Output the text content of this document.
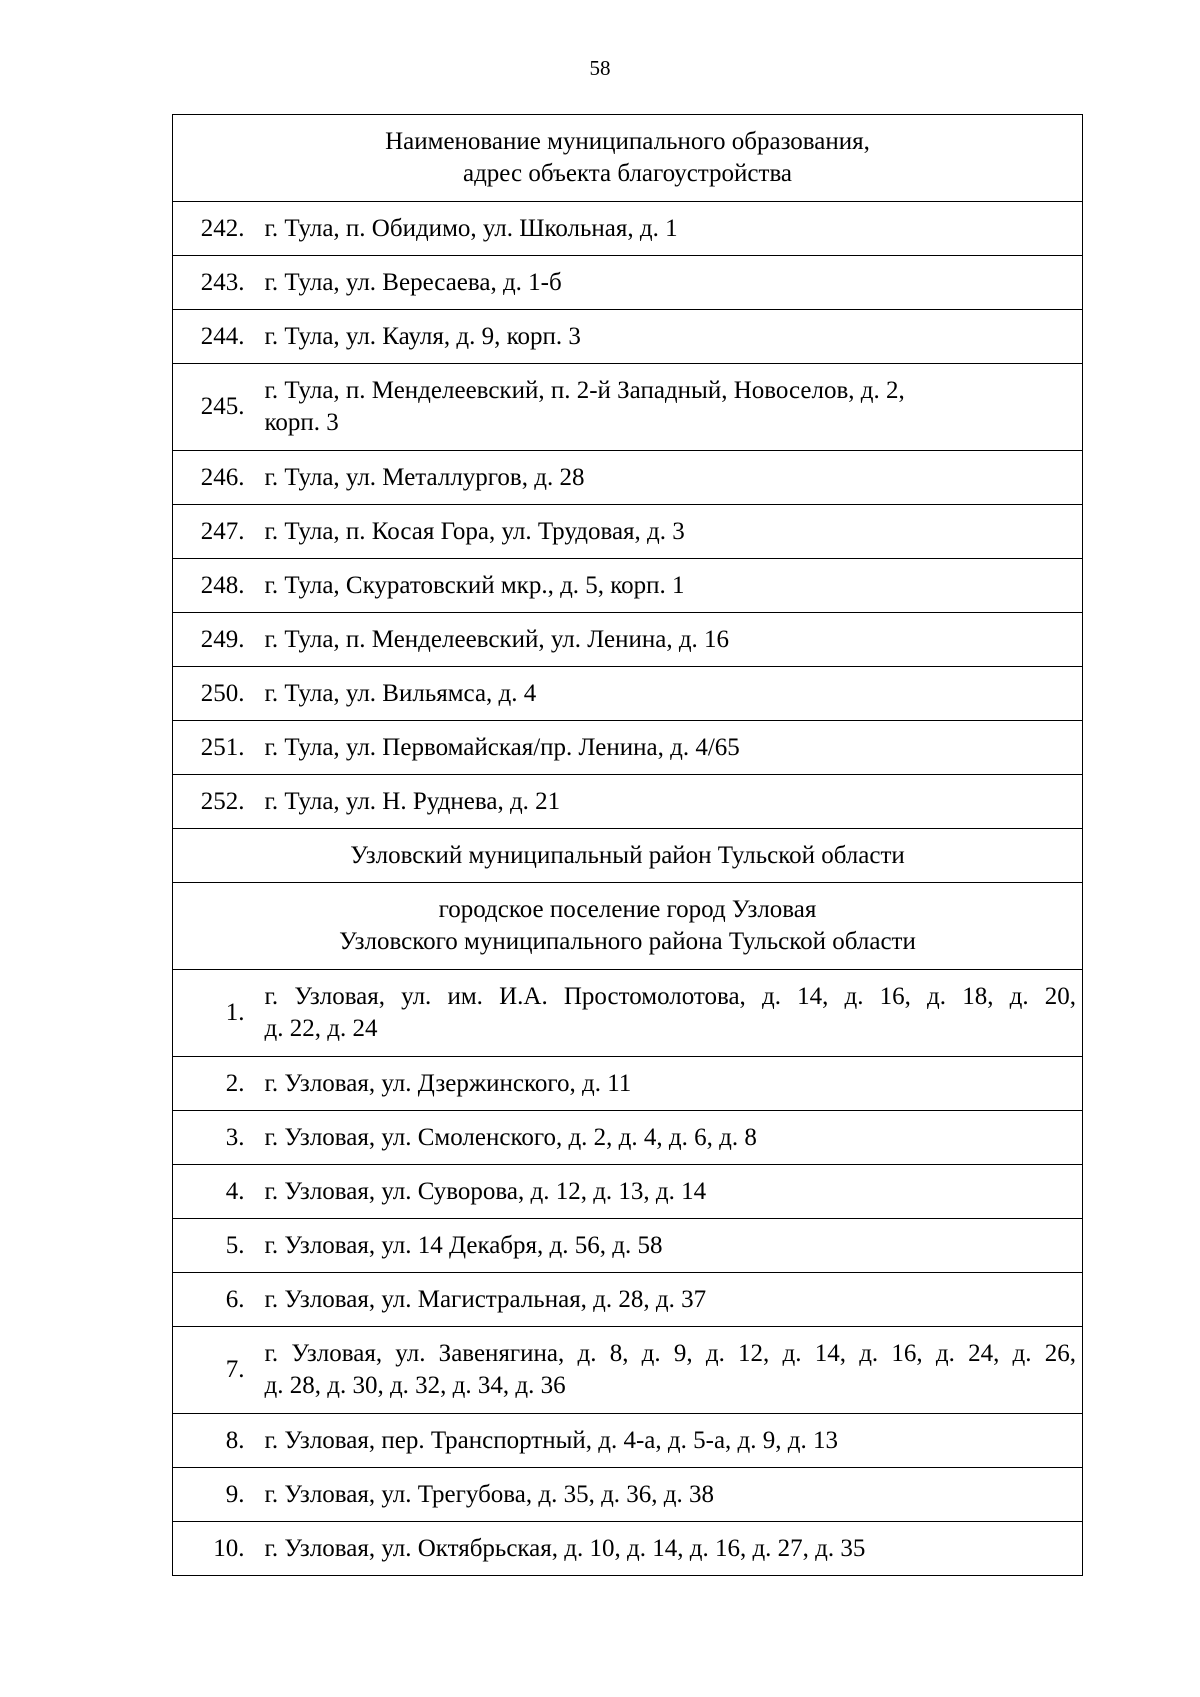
58
Наименование муниципального образования,
адрес объекта благоустройства	

242.	г. Тула, п. Обидимо, ул. Школьная, д. 1
243.	г. Тула, ул. Вересаева, д. 1-б
244.	г. Тула, ул. Кауля, д. 9, корп. 3
245.	г. Тула, п. Менделеевский, п. 2-й Западный, Новоселов, д. 2,
корп. 3

246.	г. Тула, ул. Металлургов, д. 28
247.	г. Тула, п. Косая Гора, ул. Трудовая, д. 3
248.	г. Тула, Скуратовский мкр., д. 5, корп. 1
249.	г. Тула, п. Менделеевский, ул. Ленина, д. 16
250.	г. Тула, ул. Вильямса, д. 4
251.	г. Тула, ул. Первомайская/пр. Ленина, д. 4/65
252.	г. Тула, ул. Н. Руднева, д. 21
Узловский муниципальный район Тульской области	

городское поселение город Узловая
Узловского муниципального района Тульской области	

1.	г. Узловая, ул. им. И.А. Простомолотова, д. 14, д. 16, д. 18, д. 20,
д. 22, д. 24

2.	г. Узловая, ул. Дзержинского, д. 11
3.	г. Узловая, ул. Смоленского, д. 2, д. 4, д. 6, д. 8
4.	г. Узловая, ул. Суворова, д. 12, д. 13, д. 14
5.	г. Узловая, ул. 14 Декабря, д. 56, д. 58
6.	г. Узловая, ул. Магистральная, д. 28, д. 37
7.	г. Узловая, ул. Завенягина, д. 8, д. 9, д. 12, д. 14, д. 16, д. 24, д. 26,
д. 28, д. 30, д. 32, д. 34, д. 36

8.	г. Узловая, пер. Транспортный, д. 4-а, д. 5-а, д. 9, д. 13
9.	г. Узловая, ул. Трегубова, д. 35, д. 36, д. 38
10.	г. Узловая, ул. Октябрьская, д. 10, д. 14, д. 16, д. 27, д. 35
